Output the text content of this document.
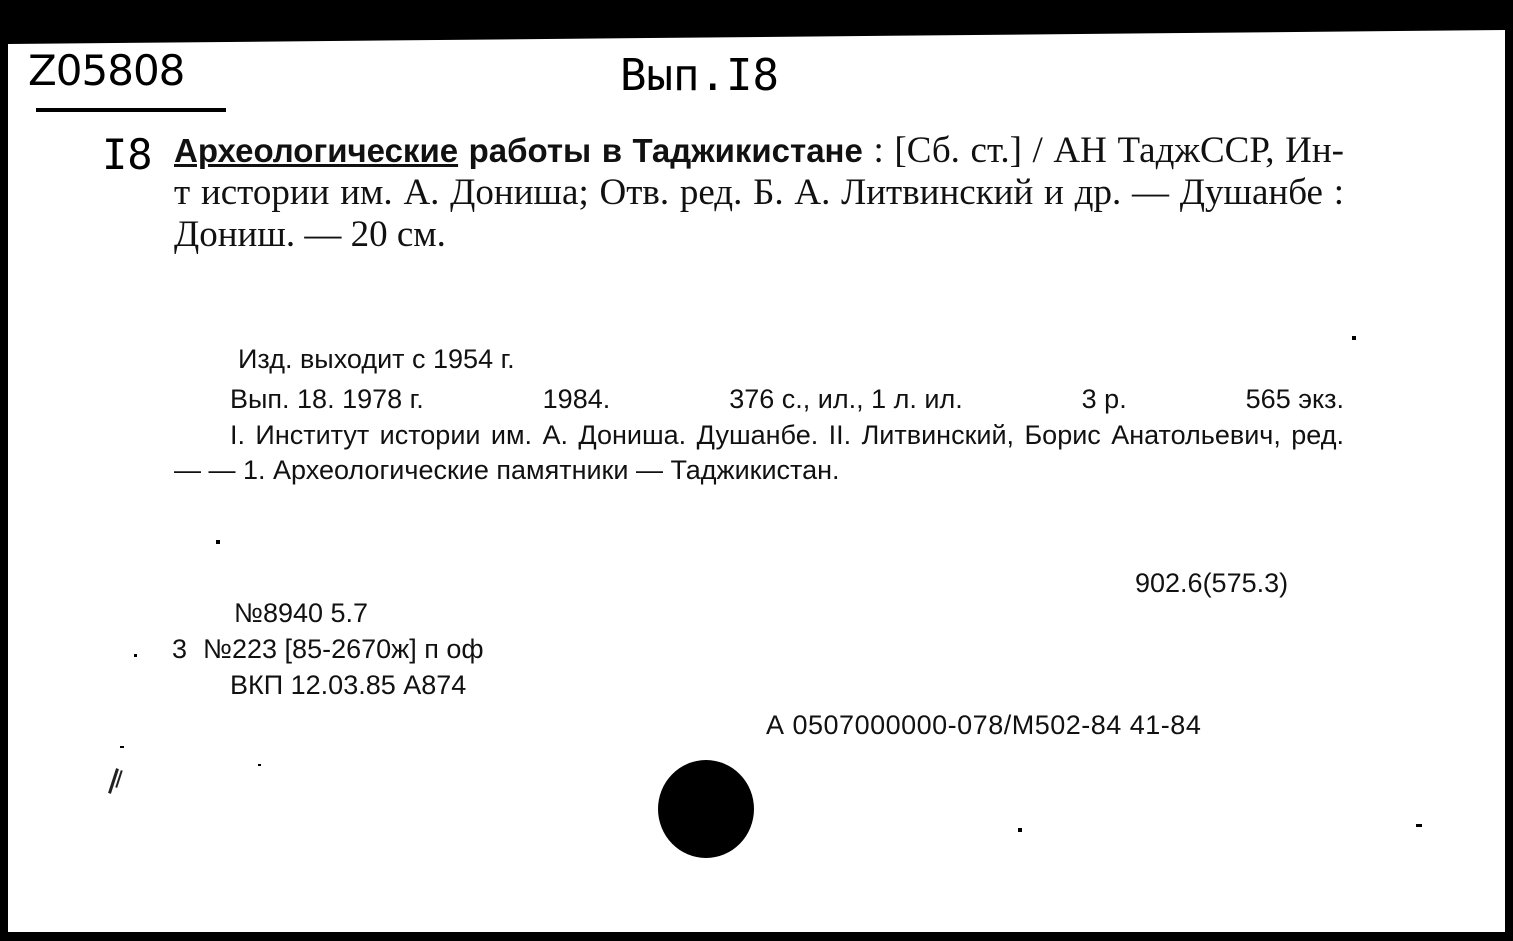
Z05808	Вып.I8
I8 Археологические работы в Таджикистане : [Сб. ст.] / АН ТаджССР, Ин-т истории им. А. Дониша; Отв. ред. Б. А. Литвинский и др. — Душанбе : Дониш. — 20 см.
Изд. выходит с 1954 г.
Вып. 18. 1978 г.	1984.	376 с., ил., 1 л. ил.	3 р.	565 экз.
I. Институт истории им. А. Дониша. Душанбе. II. Литвинский, Борис Анатольевич, ред. — — 1. Археологические памятники — Таджикистан.
902.6(575.3)
№8940 5.7
3 №223 [85-2670ж] п оф
ВКП 12.03.85 А874
А 0507000000-078/М502-84 41-84
